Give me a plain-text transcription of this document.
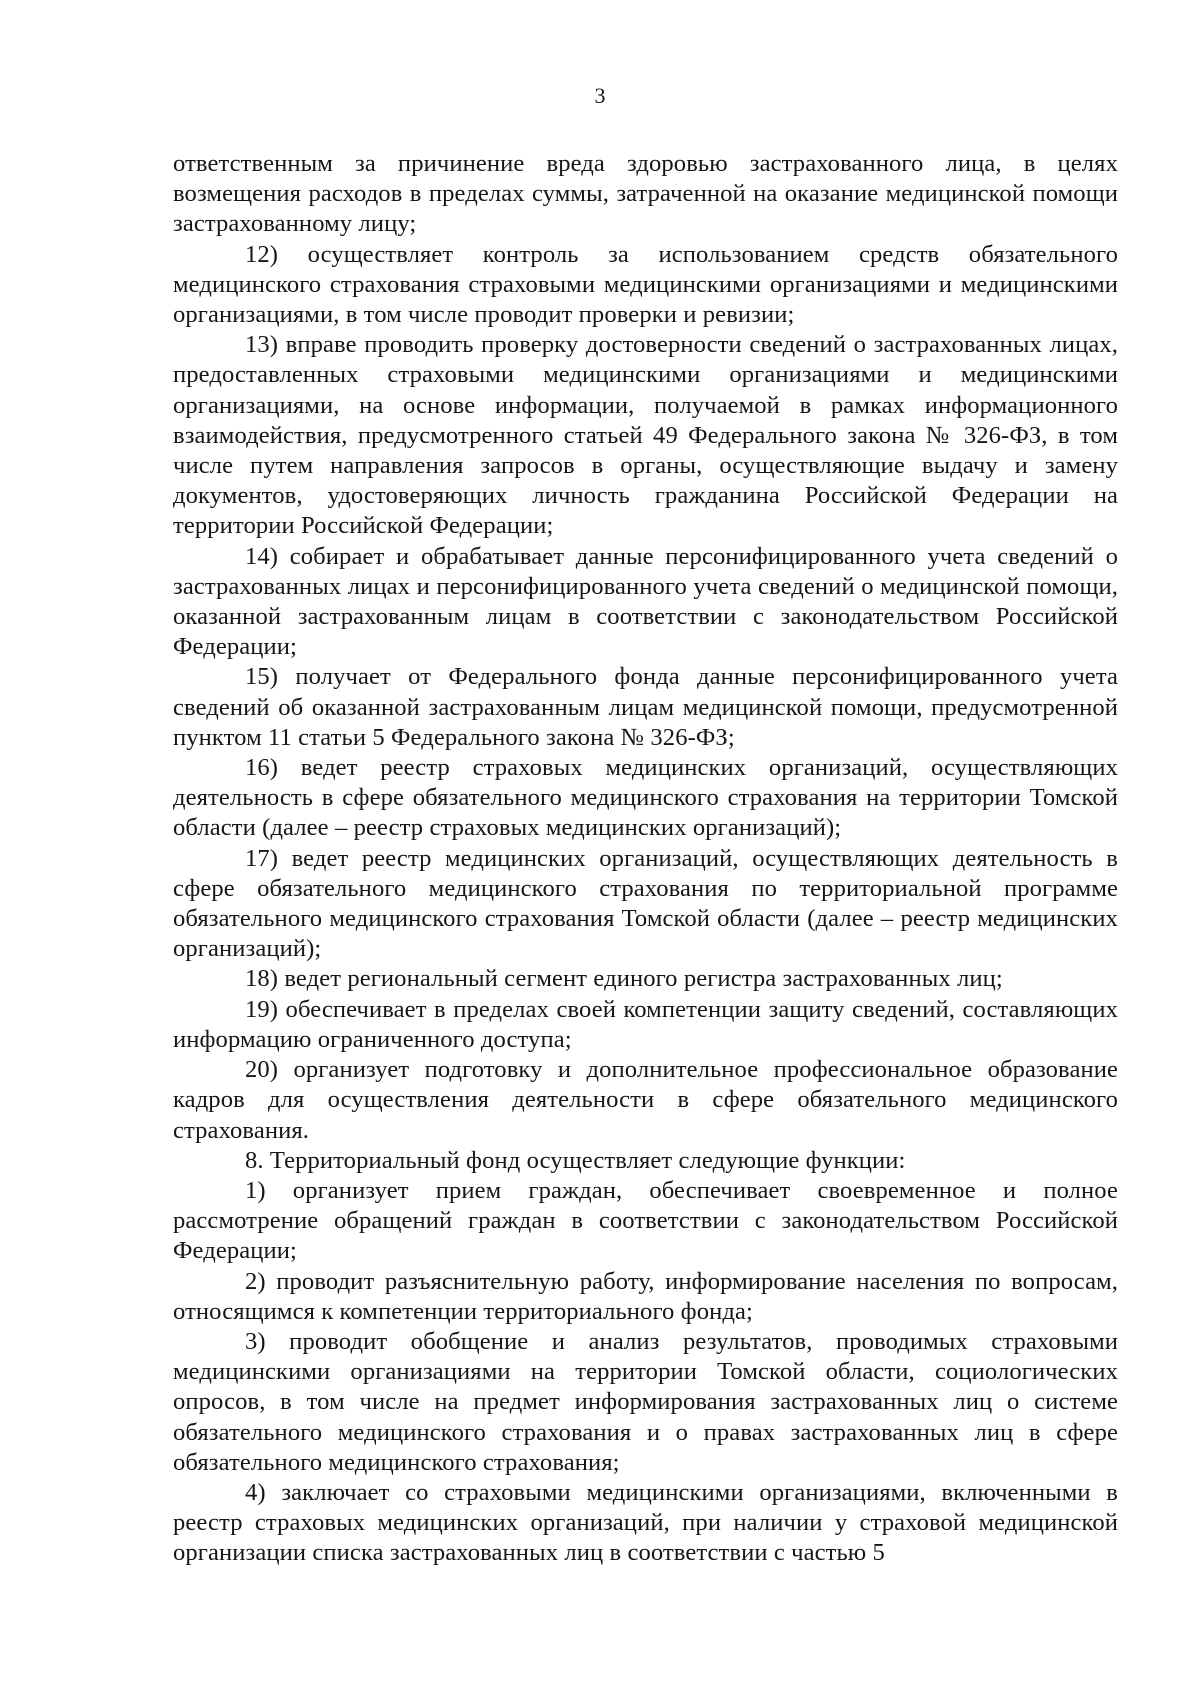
3

ответственным за причинение вреда здоровью застрахованного лица, в целях возмещения расходов в пределах суммы, затраченной на оказание медицинской помощи застрахованному лицу;

12) осуществляет контроль за использованием средств обязательного медицинского страхования страховыми медицинскими организациями и медицинскими организациями, в том числе проводит проверки и ревизии;

13) вправе проводить проверку достоверности сведений о застрахованных лицах, предоставленных страховыми медицинскими организациями и медицинскими организациями, на основе информации, получаемой в рамках информационного взаимодействия, предусмотренного статьей 49 Федерального закона № 326-ФЗ, в том числе путем направления запросов в органы, осуществляющие выдачу и замену документов, удостоверяющих личность гражданина Российской Федерации на территории Российской Федерации;

14) собирает и обрабатывает данные персонифицированного учета сведений о застрахованных лицах и персонифицированного учета сведений о медицинской помощи, оказанной застрахованным лицам в соответствии с законодательством Российской Федерации;

15) получает от Федерального фонда данные персонифицированного учета сведений об оказанной застрахованным лицам медицинской помощи, предусмотренной пунктом 11 статьи 5 Федерального закона № 326-ФЗ;

16) ведет реестр страховых медицинских организаций, осуществляющих деятельность в сфере обязательного медицинского страхования на территории Томской области (далее – реестр страховых медицинских организаций);

17) ведет реестр медицинских организаций, осуществляющих деятельность в сфере обязательного медицинского страхования по территориальной программе обязательного медицинского страхования Томской области (далее – реестр медицинских организаций);

18) ведет региональный сегмент единого регистра застрахованных лиц;

19) обеспечивает в пределах своей компетенции защиту сведений, составляющих информацию ограниченного доступа;

20) организует подготовку и дополнительное профессиональное образование кадров для осуществления деятельности в сфере обязательного медицинского страхования.

8. Территориальный фонд осуществляет следующие функции:

1) организует прием граждан, обеспечивает своевременное и полное рассмотрение обращений граждан в соответствии с законодательством Российской Федерации;

2) проводит разъяснительную работу, информирование населения по вопросам, относящимся к компетенции территориального фонда;

3) проводит обобщение и анализ результатов, проводимых страховыми медицинскими организациями на территории Томской области, социологических опросов, в том числе на предмет информирования застрахованных лиц о системе обязательного медицинского страхования и о правах застрахованных лиц в сфере обязательного медицинского страхования;

4) заключает со страховыми медицинскими организациями, включенными в реестр страховых медицинских организаций, при наличии у страховой медицинской организации списка застрахованных лиц в соответствии с частью 5
